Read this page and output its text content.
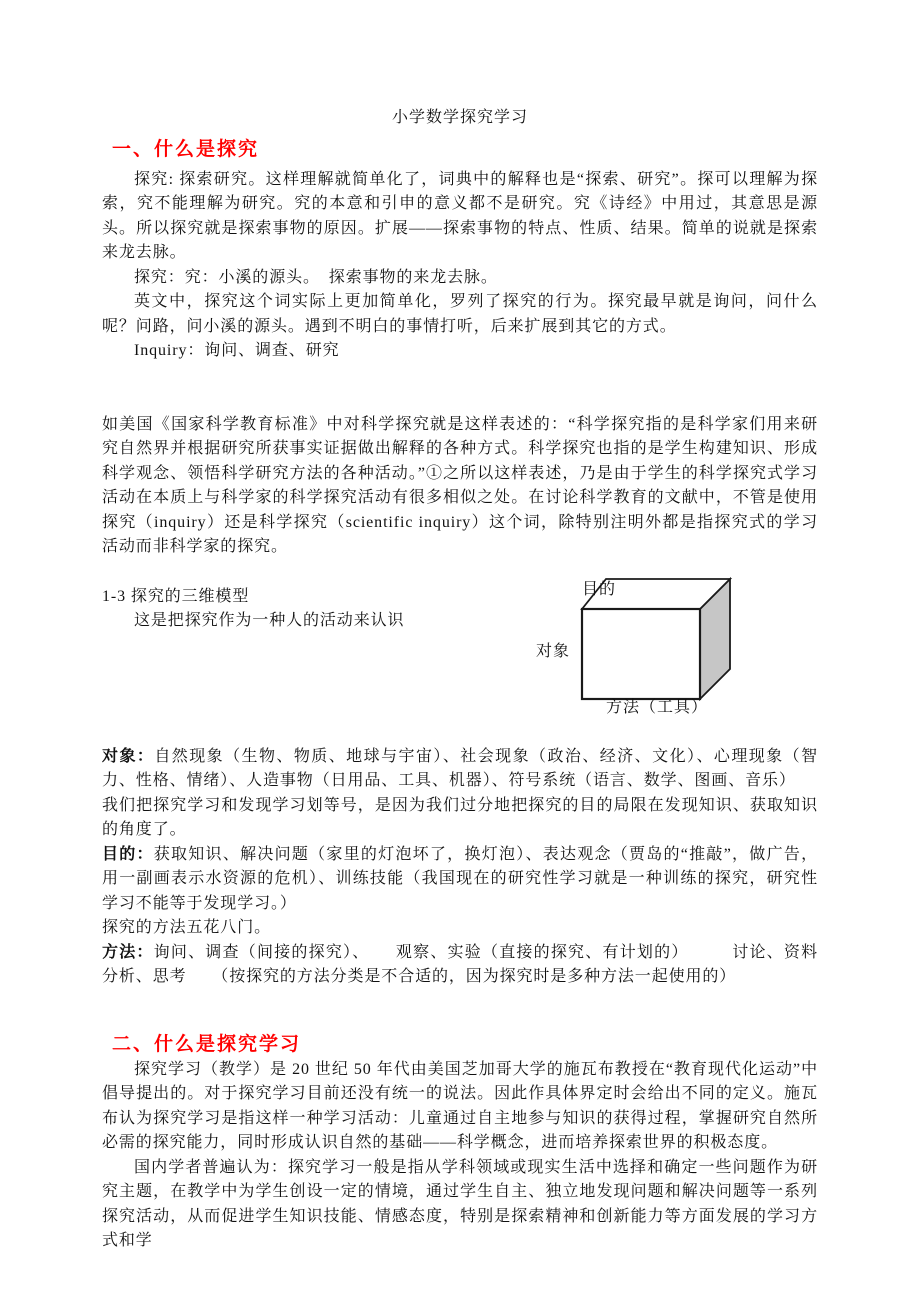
小学数学探究学习
一、什么是探究

探究: 探索研究。这样理解就简单化了，词典中的解释也是“探索、研究”。探可以理解为探索，究不能理解为研究。究的本意和引申的意义都不是研究。究《诗经》中用过，其意思是源头。所以探究就是探索事物的原因。扩展——探索事物的特点、性质、结果。简单的说就是探索来龙去脉。

探究：究：小溪的源头。　探索事物的来龙去脉。

英文中，探究这个词实际上更加简单化，罗列了探究的行为。探究最早就是询问，问什么呢？问路，问小溪的源头。遇到不明白的事情打听，后来扩展到其它的方式。

Inquiry：询问、调查、研究

如美国《国家科学教育标准》中对科学探究就是这样表述的：“科学探究指的是科学家们用来研究自然界并根据研究所获事实证据做出解释的各种方式。科学探究也指的是学生构建知识、形成科学观念、领悟科学研究方法的各种活动。”①之所以这样表述，乃是由于学生的科学探究式学习活动在本质上与科学家的科学探究活动有很多相似之处。在讨论科学教育的文献中，不管是使用探究（inquiry）还是科学探究（scientific inquiry）这个词，除特别注明外都是指探究式的学习活动而非科学家的探究。

1-3 探究的三维模型

这是把探究作为一种人的活动来认识

目的
对象
方法（工具）

对象：自然现象（生物、物质、地球与宇宙）、社会现象（政治、经济、文化）、心理现象（智力、性格、情绪）、人造事物（日用品、工具、机器）、符号系统（语言、数学、图画、音乐）

我们把探究学习和发现学习划等号，是因为我们过分地把探究的目的局限在发现知识、获取知识的角度了。

目的：获取知识、解决问题（家里的灯泡坏了，换灯泡）、表达观念（贾岛的“推敲”，做广告，用一副画表示水资源的危机）、训练技能（我国现在的研究性学习就是一种训练的探究，研究性学习不能等于发现学习。）

探究的方法五花八门。

方法：询问、调查（间接的探究）、　　观察、实验（直接的探究、有计划的）　　　讨论、资料分析、思考　　（按探究的方法分类是不合适的，因为探究时是多种方法一起使用的）

二、什么是探究学习

探究学习（教学）是 20 世纪 50 年代由美国芝加哥大学的施瓦布教授在“教育现代化运动”中倡导提出的。对于探究学习目前还没有统一的说法。因此作具体界定时会给出不同的定义。施瓦布认为探究学习是指这样一种学习活动：儿童通过自主地参与知识的获得过程，掌握研究自然所必需的探究能力，同时形成认识自然的基础——科学概念，进而培养探索世界的积极态度。

国内学者普遍认为：探究学习一般是指从学科领域或现实生活中选择和确定一些问题作为研究主题，在教学中为学生创设一定的情境，通过学生自主、独立地发现问题和解决问题等一系列探究活动，从而促进学生知识技能、情感态度，特别是探索精神和创新能力等方面发展的学习方式和学
